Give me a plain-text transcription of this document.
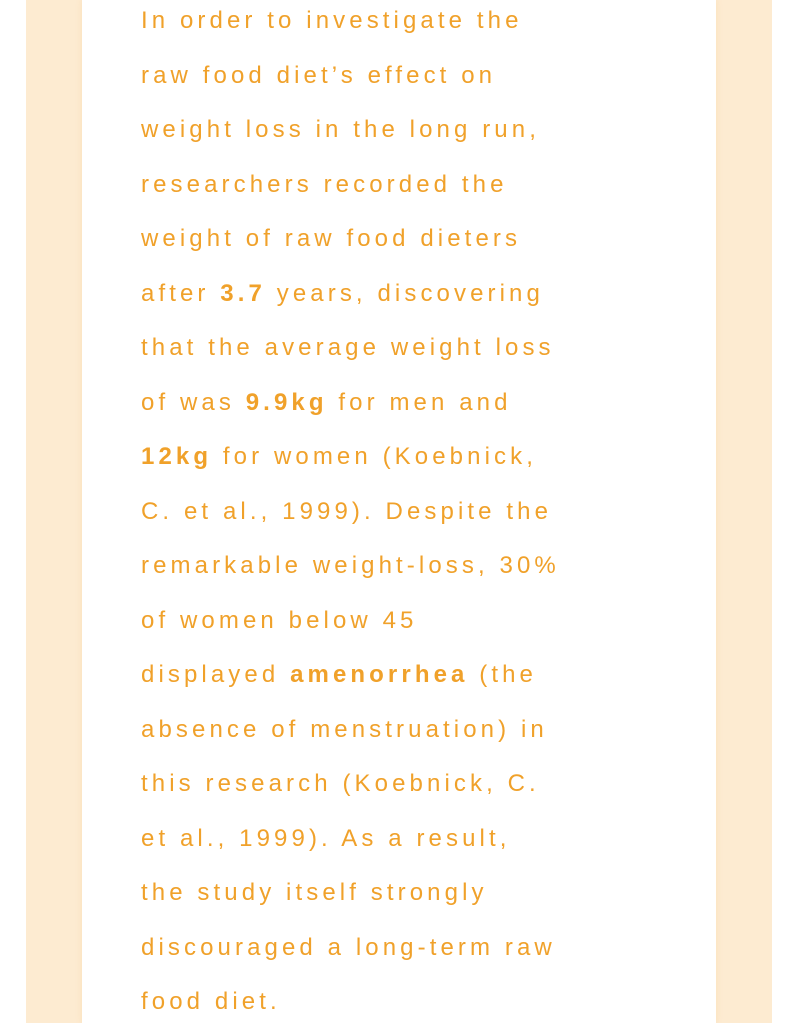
In order to investigate the
raw food diet’s effect on
weight loss in the long run,
researchers recorded the
weight of raw food dieters
after 3.7 years, discovering
that the average weight loss
of was 9.9kg for men and
12kg for women (Koebnick,
C. et al., 1999). Despite the
remarkable weight-loss, 30%
of women below 45
displayed amenorrhea (the
absence of menstruation) in
this research (Koebnick, C.
et al., 1999). As a result,
the study itself strongly
discouraged a long-term raw
food diet.
